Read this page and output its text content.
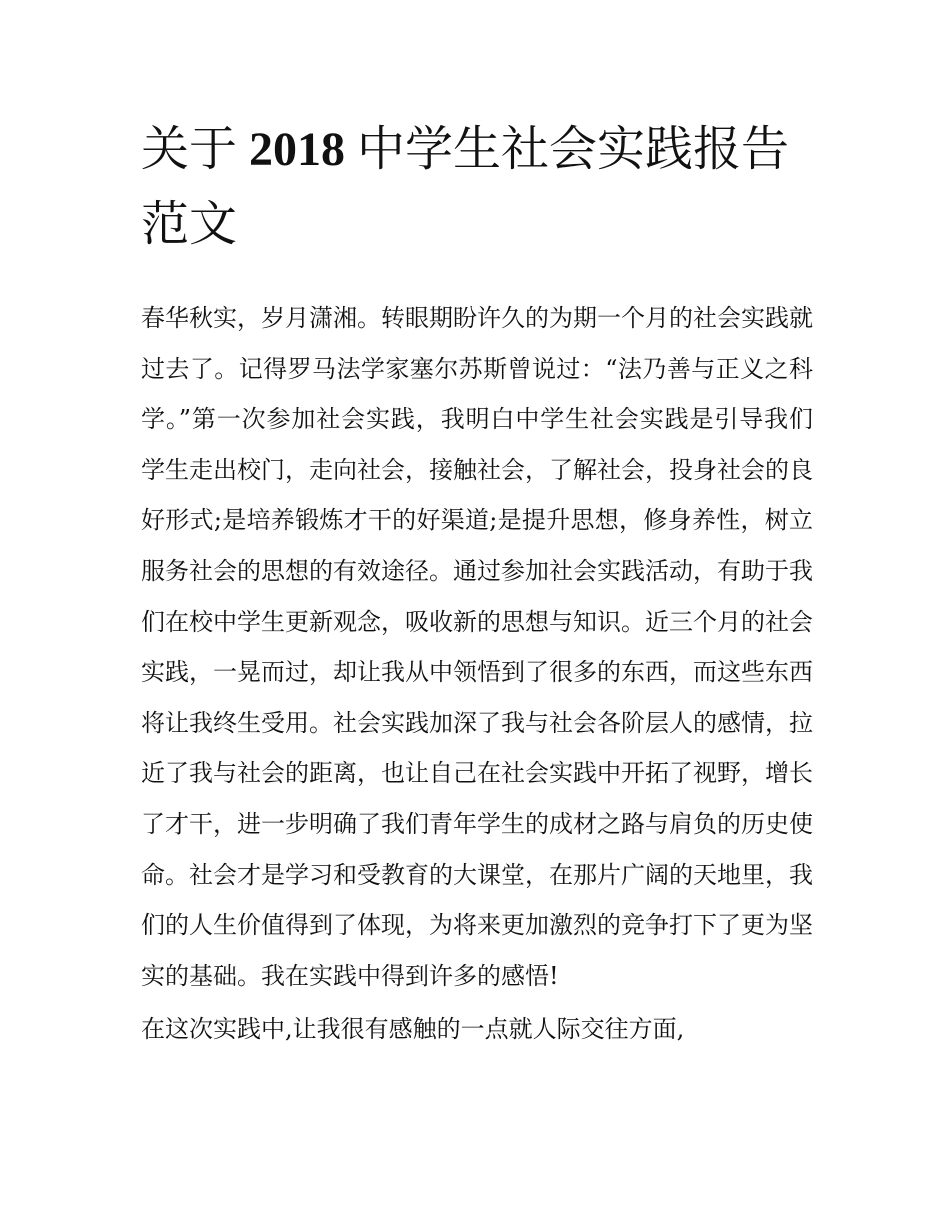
关于 2018 中学生社会实践报告范文

春华秋实，岁月潇湘。转眼期盼许久的为期一个月的社会实践就过去了。记得罗马法学家塞尔苏斯曾说过：“法乃善与正义之科学。”第一次参加社会实践，我明白中学生社会实践是引导我们学生走出校门，走向社会，接触社会，了解社会，投身社会的良好形式;是培养锻炼才干的好渠道;是提升思想，修身养性，树立服务社会的思想的有效途径。通过参加社会实践活动，有助于我们在校中学生更新观念，吸收新的思想与知识。近三个月的社会实践，一晃而过，却让我从中领悟到了很多的东西，而这些东西将让我终生受用。社会实践加深了我与社会各阶层人的感情，拉近了我与社会的距离，也让自己在社会实践中开拓了视野，增长了才干，进一步明确了我们青年学生的成材之路与肩负的历史使命。社会才是学习和受教育的大课堂，在那片广阔的天地里，我们的人生价值得到了体现，为将来更加激烈的竞争打下了更为坚实的基础。我在实践中得到许多的感悟!

在这次实践中,让我很有感触的一点就人际交往方面,
